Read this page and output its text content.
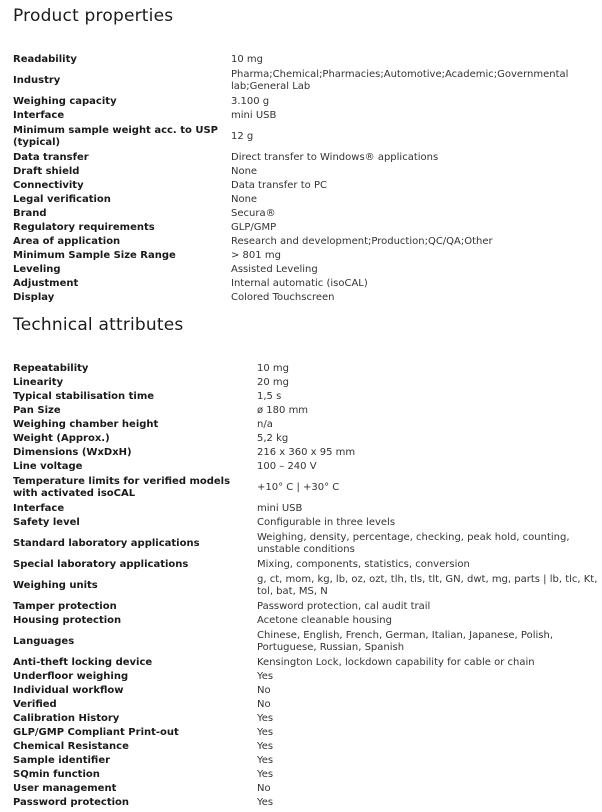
Product properties
Readability	10 mg
Industry	Pharma;Chemical;Pharmacies;Automotive;Academic;Governmental lab;General Lab
Weighing capacity	3.100 g
Interface	mini USB
Minimum sample weight acc. to USP (typical)	12 g
Data transfer	Direct transfer to Windows® applications
Draft shield	None
Connectivity	Data transfer to PC
Legal verification	None
Brand	Secura®
Regulatory requirements	GLP/GMP
Area of application	Research and development;Production;QC/QA;Other
Minimum Sample Size Range	> 801 mg
Leveling	Assisted Leveling
Adjustment	Internal automatic (isoCAL)
Display	Colored Touchscreen
Technical attributes
Repeatability	10 mg
Linearity	20 mg
Typical stabilisation time	1,5 s
Pan Size	ø 180 mm
Weighing chamber height	n/a
Weight (Approx.)	5,2 kg
Dimensions (WxDxH)	216 x 360 x 95 mm
Line voltage	100 – 240 V
Temperature limits for verified models with activated isoCAL	+10° C | +30° C
Interface	mini USB
Safety level	Configurable in three levels
Standard laboratory applications	Weighing, density, percentage, checking, peak hold, counting, unstable conditions
Special laboratory applications	Mixing, components, statistics, conversion
Weighing units	g, ct, mom, kg, lb, oz, ozt, tlh, tls, tlt, GN, dwt, mg, parts | lb, tlc, Kt, tol, bat, MS, N
Tamper protection	Password protection, cal audit trail
Housing protection	Acetone cleanable housing
Languages	Chinese, English, French, German, Italian, Japanese, Polish, Portuguese, Russian, Spanish
Anti-theft locking device	Kensington Lock, lockdown capability for cable or chain
Underfloor weighing	Yes
Individual workflow	No
Verified	No
Calibration History	Yes
GLP/GMP Compliant Print-out	Yes
Chemical Resistance	Yes
Sample identifier	Yes
SQmin function	Yes
User management	No
Password protection	Yes
